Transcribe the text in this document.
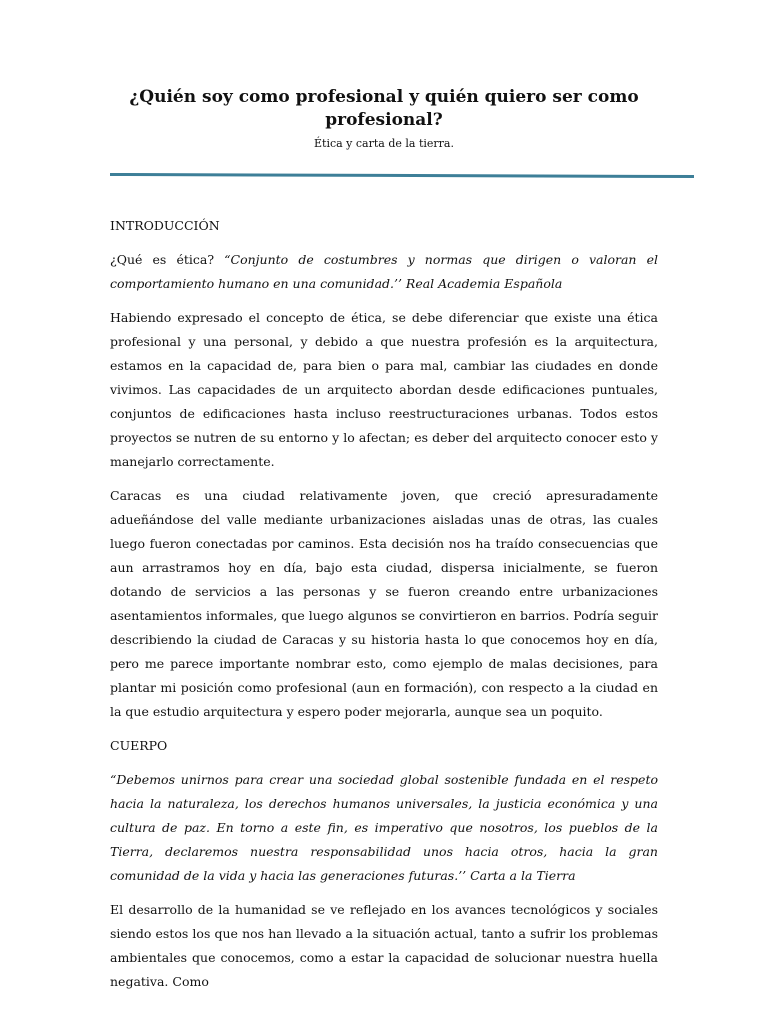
¿Quién soy como profesional y quién quiero ser como profesional?
Ética y carta de la tierra.
INTRODUCCIÓN

¿Qué es ética? “Conjunto de costumbres y normas que dirigen o valoran el comportamiento humano en una comunidad.’’ Real Academia Española

Habiendo expresado el concepto de ética, se debe diferenciar que existe una ética profesional y una personal, y debido a que nuestra profesión es la arquitectura, estamos en la capacidad de, para bien o para mal, cambiar las ciudades en donde vivimos. Las capacidades de un arquitecto abordan desde edificaciones puntuales, conjuntos de edificaciones hasta incluso reestructuraciones urbanas. Todos estos proyectos se nutren de su entorno y lo afectan; es deber del arquitecto conocer esto y manejarlo correctamente.

Caracas es una ciudad relativamente joven, que creció apresuradamente adueñándose del valle mediante urbanizaciones aisladas unas de otras, las cuales luego fueron conectadas por caminos. Esta decisión nos ha traído consecuencias que aun arrastramos hoy en día, bajo esta ciudad, dispersa inicialmente, se fueron dotando de servicios a las personas y se fueron creando entre urbanizaciones asentamientos informales, que luego algunos se convirtieron en barrios. Podría seguir describiendo la ciudad de Caracas y su historia hasta lo que conocemos hoy en día, pero me parece importante nombrar esto, como ejemplo de malas decisiones, para plantar mi posición como profesional (aun en formación), con respecto a la ciudad en la que estudio arquitectura y espero poder mejorarla, aunque sea un poquito.

CUERPO

“Debemos unirnos para crear una sociedad global sostenible fundada en el respeto hacia la naturaleza, los derechos humanos universales, la justicia económica y una cultura de paz. En torno a este fin, es imperativo que nosotros, los pueblos de la Tierra, declaremos nuestra responsabilidad unos hacia otros, hacia la gran comunidad de la vida y hacia las generaciones futuras.’’ Carta a la Tierra

El desarrollo de la humanidad se ve reflejado en los avances tecnológicos y sociales siendo estos los que nos han llevado a la situación actual, tanto a sufrir los problemas ambientales que conocemos, como a estar la capacidad de solucionar nuestra huella negativa. Como
